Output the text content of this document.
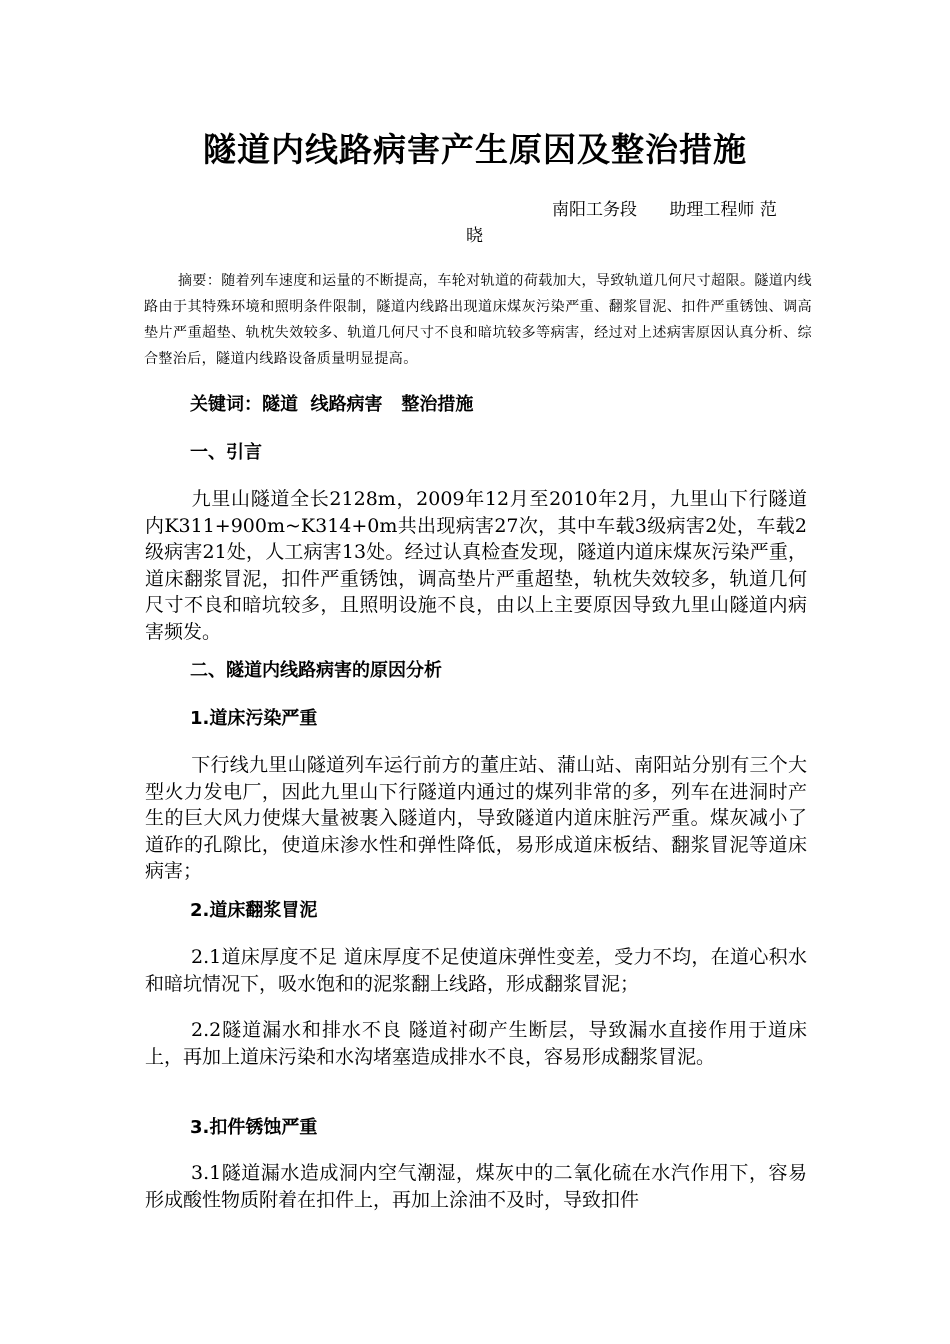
隧道内线路病害产生原因及整治措施
南阳工务段      助理工程师 范
晓
摘要：随着列车速度和运量的不断提高，车轮对轨道的荷载加大，导致轨道几何尺寸超限。隧道内线路由于其特殊环境和照明条件限制，隧道内线路出现道床煤灰污染严重、翻浆冒泥、扣件严重锈蚀、调高垫片严重超垫、轨枕失效较多、轨道几何尺寸不良和暗坑较多等病害，经过对上述病害原因认真分析、综合整治后，隧道内线路设备质量明显提高。
关键词：隧道  线路病害   整治措施
一、引言
九里山隧道全长2128m，2009年12月至2010年2月，九里山下行隧道内K311+900m~K314+0m共出现病害27次，其中车载3级病害2处，车载2级病害21处，人工病害13处。经过认真检查发现，隧道内道床煤灰污染严重，道床翻浆冒泥，扣件严重锈蚀，调高垫片严重超垫，轨枕失效较多，轨道几何尺寸不良和暗坑较多，且照明设施不良，由以上主要原因导致九里山隧道内病害频发。
二、隧道内线路病害的原因分析
1.道床污染严重
下行线九里山隧道列车运行前方的董庄站、蒲山站、南阳站分别有三个大型火力发电厂，因此九里山下行隧道内通过的煤列非常的多，列车在进洞时产生的巨大风力使煤大量被裹入隧道内，导致隧道内道床脏污严重。煤灰减小了道砟的孔隙比，使道床渗水性和弹性降低，易形成道床板结、翻浆冒泥等道床病害；
2.道床翻浆冒泥
2.1道床厚度不足 道床厚度不足使道床弹性变差，受力不均，在道心积水和暗坑情况下，吸水饱和的泥浆翻上线路，形成翻浆冒泥；
2.2隧道漏水和排水不良 隧道衬砌产生断层，导致漏水直接作用于道床上，再加上道床污染和水沟堵塞造成排水不良，容易形成翻浆冒泥。
3.扣件锈蚀严重
3.1隧道漏水造成洞内空气潮湿，煤灰中的二氧化硫在水汽作用下，容易形成酸性物质附着在扣件上，再加上涂油不及时，导致扣件
